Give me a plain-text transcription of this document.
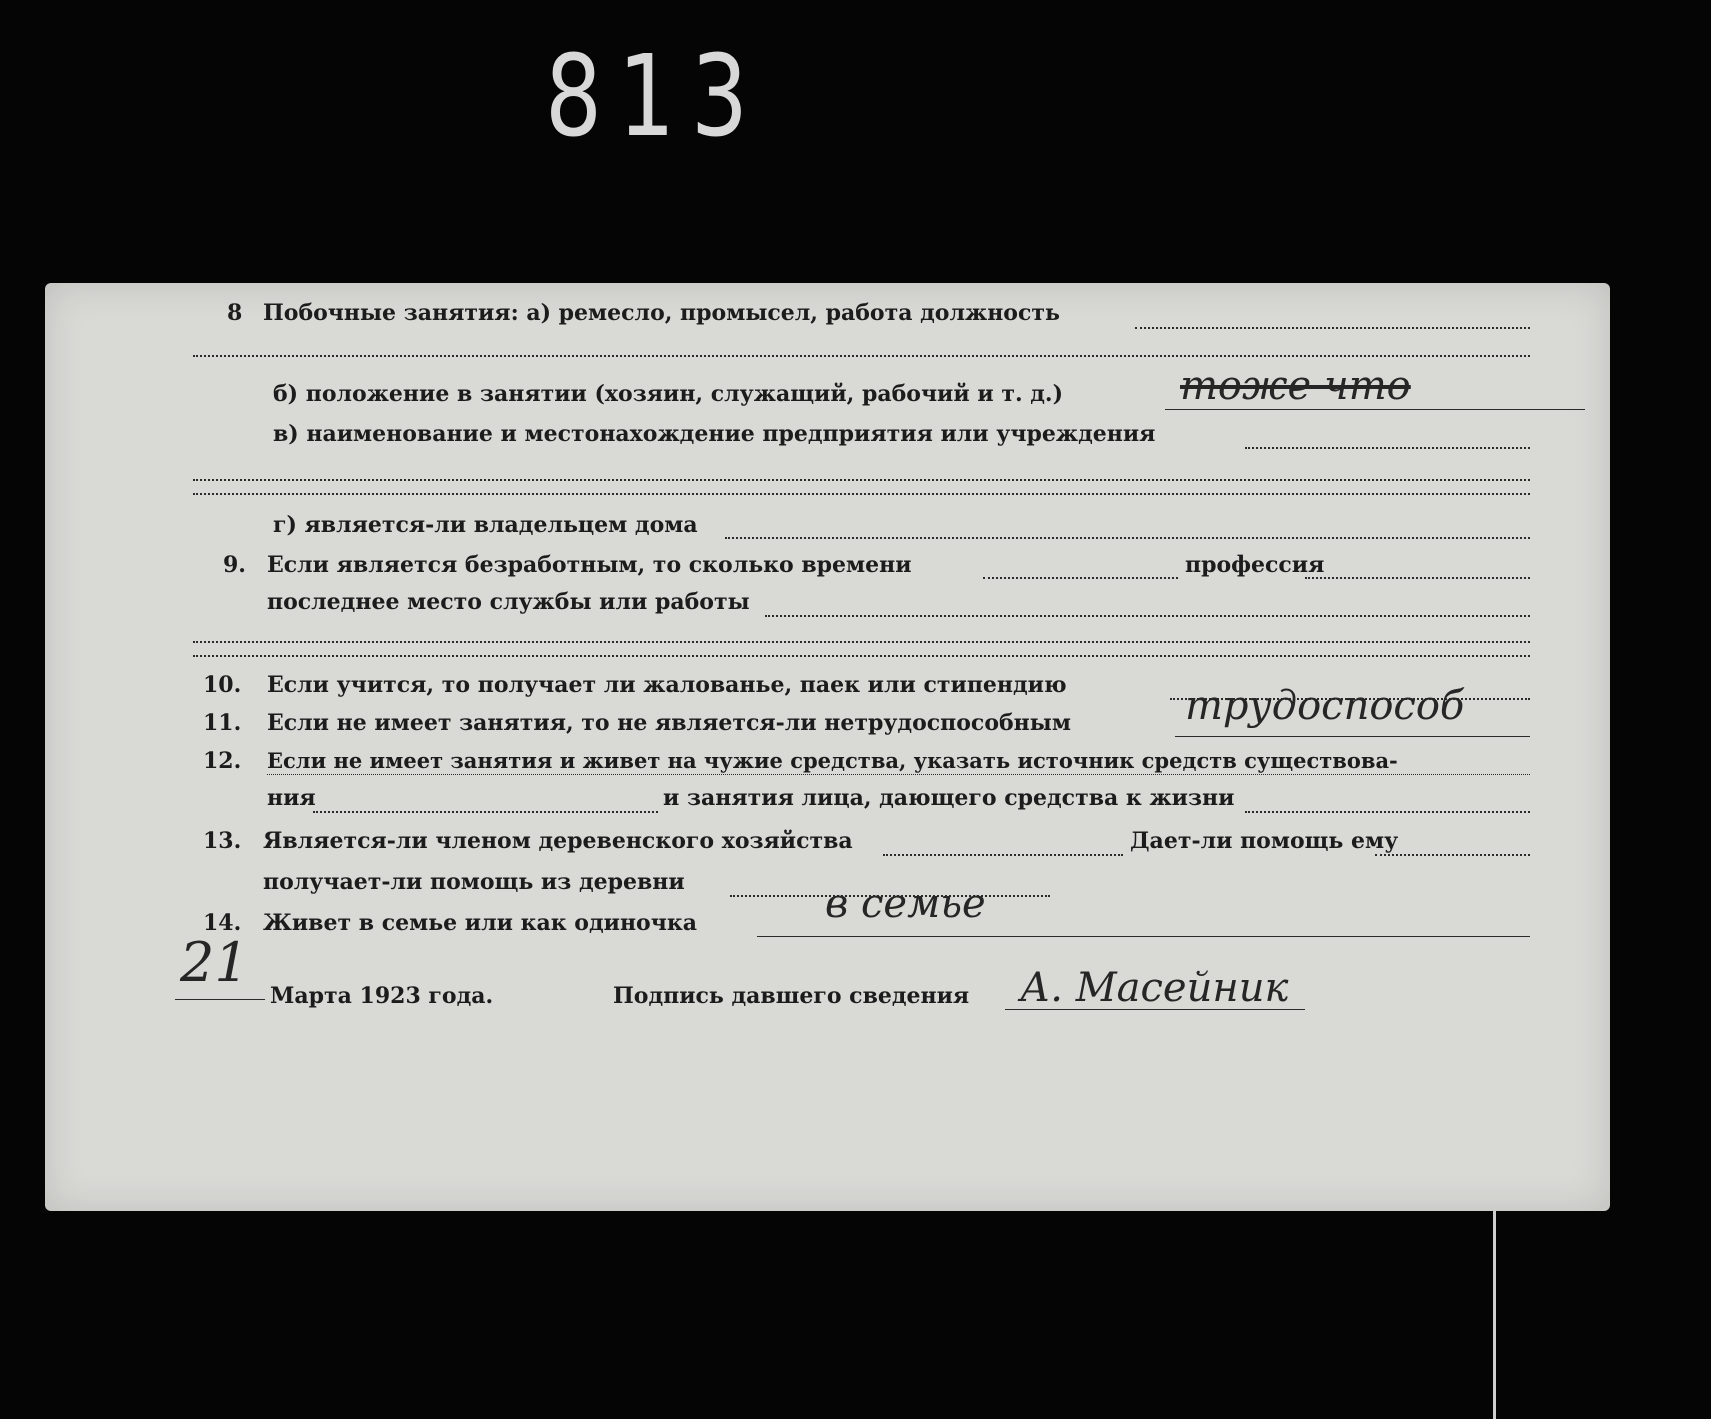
813
8 Побочные занятия: а) ремесло, промысел, работа должность
б) положение в занятии (хозяин, служащий, рабочий и т. д.)	тоже что
в) наименование и местонахождение предприятия или учреждения
г) является-ли владельцем дома
9. Если является безработным, то сколько времени	профессия
последнее место службы или работы
10. Если учится, то получает ли жалованье, паек или стипендию
11. Если не имеет занятия, то не является-ли нетрудоспособным	трудоспособ
12. Если не имеет занятия и живет на чужие средства, указать источник средств существова-
ния	и занятия лица, дающего средства к жизни
13. Является-ли членом деревенского хозяйства	Дает-ли помощь ему
получает-ли помощь из деревни
14. Живет в семье или как одиночка	в семье
21
Марта 1923 года.	Подпись давшего сведения А. Масейник
